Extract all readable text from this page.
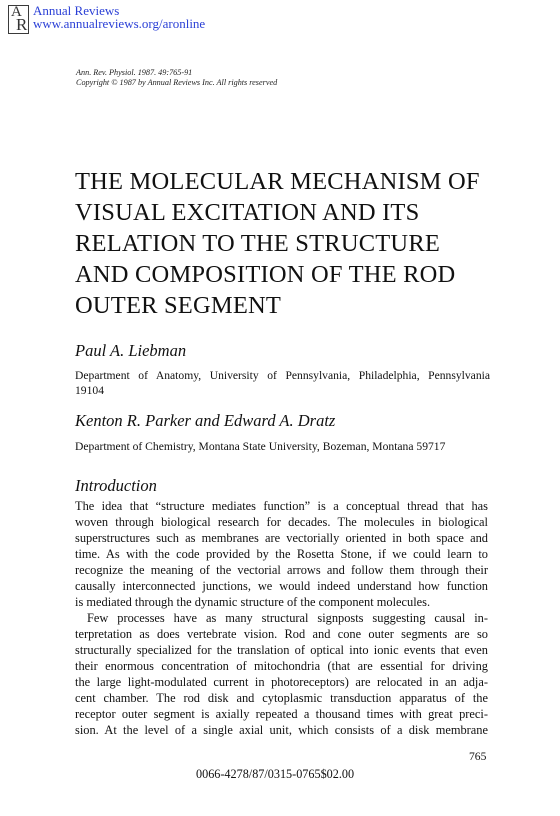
A
R
Annual Reviews
www.annualreviews.org/aronline
Ann. Rev. Physiol. 1987. 49:765-91
Copyright © 1987 by Annual Reviews Inc. All rights reserved
THE MOLECULAR MECHANISM OF
VISUAL EXCITATION AND ITS
RELATION TO THE STRUCTURE
AND COMPOSITION OF THE ROD
OUTER SEGMENT
Paul A. Liebman
Department of Anatomy, University of Pennsylvania, Philadelphia, Pennsylvania
19104
Kenton R. Parker and Edward A. Dratz
Department of Chemistry, Montana State University, Bozeman, Montana 59717
Introduction
The idea that “structure mediates function” is a conceptual thread that has
woven through biological research for decades. The molecules in biological
superstructures such as membranes are vectorially oriented in both space and
time. As with the code provided by the Rosetta Stone, if we could learn to
recognize the meaning of the vectorial arrows and follow them through their
causally interconnected junctions, we would indeed understand how function
is mediated through the dynamic structure of the component molecules.
Few processes have as many structural signposts suggesting causal in-
terpretation as does vertebrate vision. Rod and cone outer segments are so
structurally specialized for the translation of optical into ionic events that even
their enormous concentration of mitochondria (that are essential for driving
the large light-modulated current in photoreceptors) are relocated in an adja-
cent chamber. The rod disk and cytoplasmic transduction apparatus of the
receptor outer segment is axially repeated a thousand times with great preci-
sion. At the level of a single axial unit, which consists of a disk membrane
765
0066-4278/87/0315-0765$02.00
